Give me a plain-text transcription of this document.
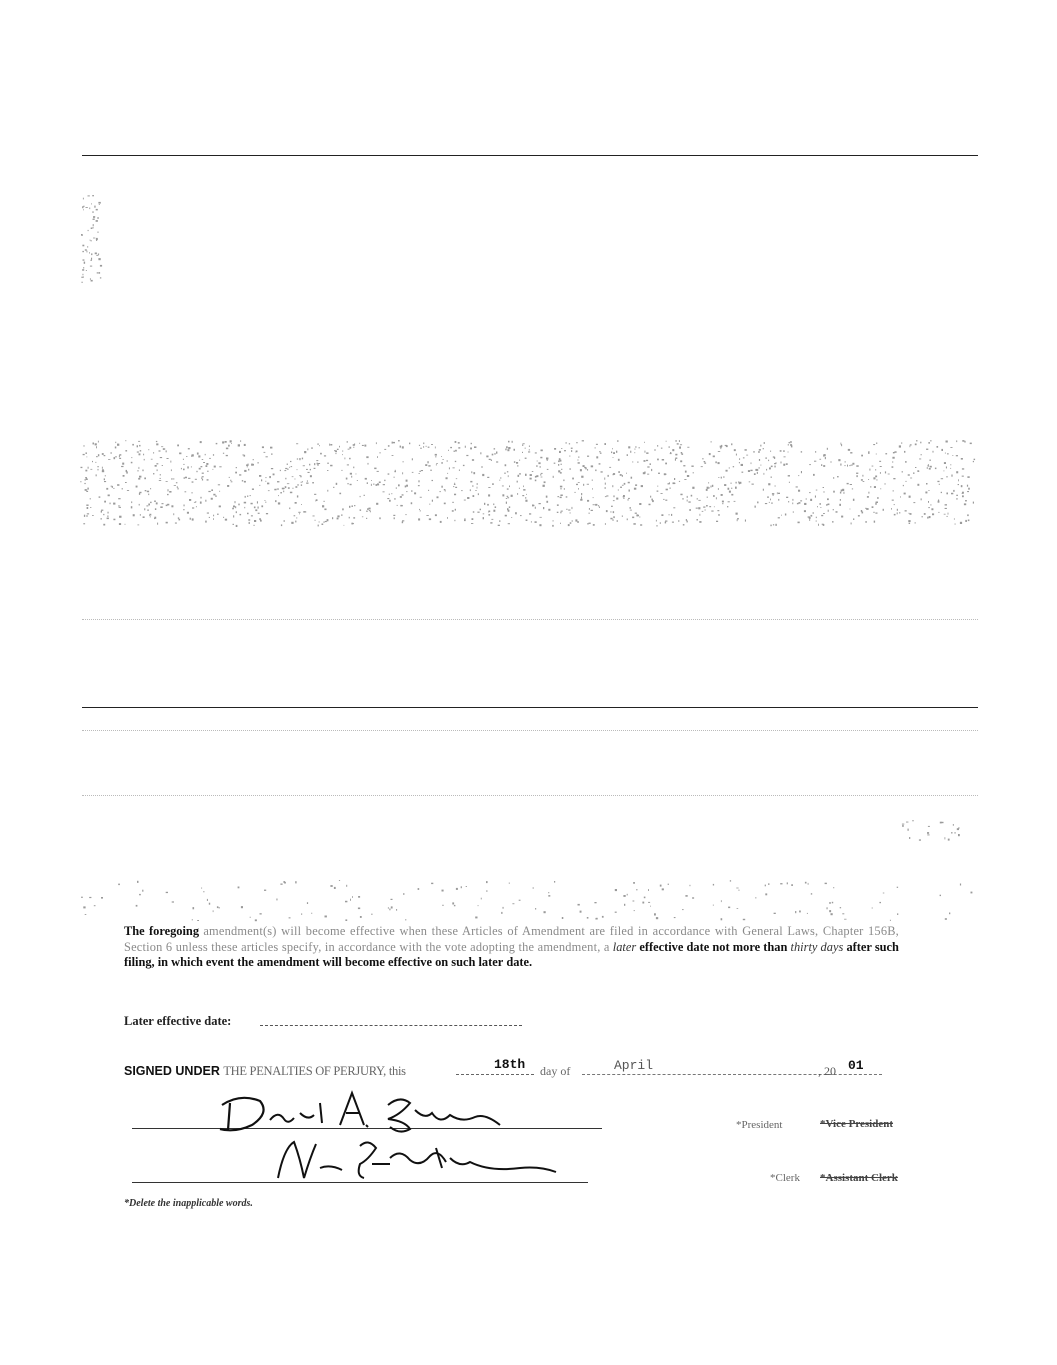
The foregoing amendment(s) will become effective when these Articles of Amendment are filed in accordance with General Laws, Chapter 156B, Section 6 unless these articles specify, in accordance with the vote adopting the amendment, a later effective date not more than thirty days after such filing, in which event the amendment will become effective on such later date.
Later effective date:
SIGNED UNDER THE PENALTIES OF PERJURY, this	18th day of	April	, 20 01
*President	*Vice President
*Clerk *Assistant Clerk
*Delete the inapplicable words.
